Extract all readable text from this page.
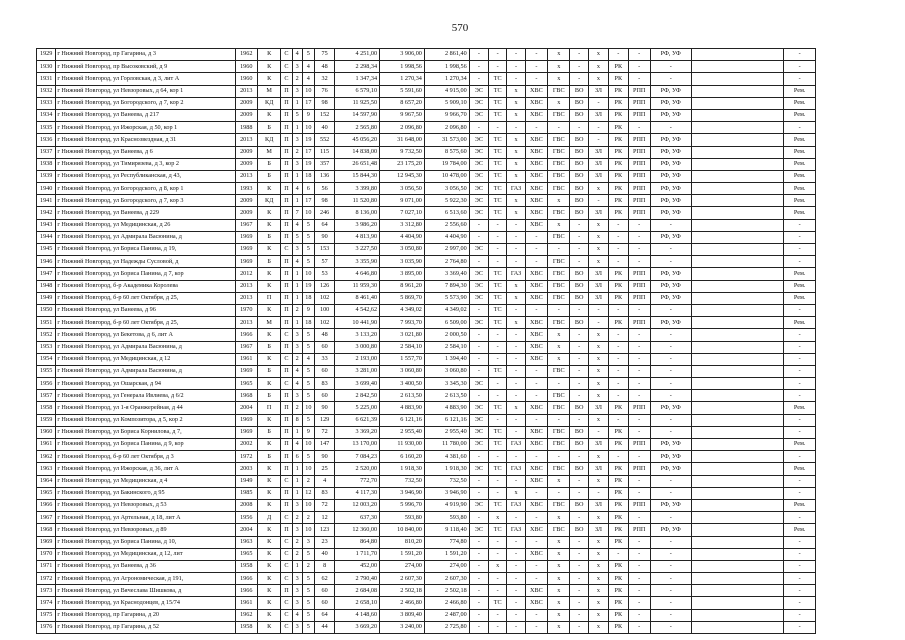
570
1929	г Нижний Новгород, пр Гагарина, д 3	1962	К	С	4	5	75	4 251,00	3 906,00	2 861,40	-	-	-	-	х	-	х	-	-	РФ, УФ		-
1930	г Нижний Новгород, пр Высоковский, д 9	1960	К	С	3	4	48	2 298,34	1 998,56	1 998,56	-	-	-	-	х	-	х	РК	-	-		-
1931	г Нижний Новгород, ул Горловская, д 3, лит А	1960	К	С	2	4	32	1 347,34	1 270,34	1 270,34	-	ТС	-	-	х	-	х	РК	-	-		-
1932	г Нижний Новгород, ул Невзоровых, д 64, кор 1	2013	М	П	3	10	76	6 579,10	5 591,60	4 915,00	ЭС	ТС	х	ХВС	ГВС	ВО	ЗЛ	РК	РПП	РФ, УФ		Рем.
1933	г Нижний Новгород, ул Богородского, д 7, кор 2	2009	КД	П	1	17	98	11 925,50	8 657,20	5 909,10	ЭС	ТС	х	ХВС	х	ВО	-	РК	РПП	РФ, УФ		Рем.
1934	г Нижний Новгород, ул Ванеева, д 217	2009	К	П	5	9	152	14 597,90	9 967,50	9 966,70	ЭС	ТС	х	ХВС	ГВС	ВО	ЗЛ	РК	РПП	РФ, УФ		Рем.
1935	г Нижний Новгород, ул Ижорская, д 50, кор 1	1988	Б	П	1	10	40	2 565,80	2 096,80	2 096,80	-	-	-	-	-	-	-	РК	-	-		-
1936	г Нижний Новгород, ул Краснозвездная, д 31	2013	КД	П	3	19	552	45 056,20	31 648,00	31 573,00	ЭС	ТС	х	ХВС	ГВС	ВО	-	РК	РПП	РФ, УФ		Рем.
1937	г Нижний Новгород, ул Ванеева, д 6	2009	М	П	2	17	115	14 838,00	9 732,50	8 575,60	ЭС	ТС	х	ХВС	ГВС	ВО	ЗЛ	РК	РПП	РФ, УФ		Рем.
1938	г Нижний Новгород, ул Тимирязева, д 3, кор 2	2009	Б	П	3	19	357	26 651,48	23 175,20	19 784,00	ЭС	ТС	х	ХВС	ГВС	ВО	ЗЛ	РК	РПП	РФ, УФ		Рем.
1939	г Нижний Новгород, ул Республиканская, д 43,	2013	Б	П	1	18	136	15 844,30	12 945,30	10 478,00	ЭС	ТС	х	ХВС	ГВС	ВО	ЗЛ	РК	РПП	РФ, УФ		Рем.
1940	г Нижний Новгород, ул Богородского, д 8, кор 1	1993	К	П	4	6	56	3 399,80	3 056,50	3 056,50	ЭС	ТС	ГАЗ	ХВС	ГВС	ВО	х	РК	РПП	РФ, УФ		Рем.
1941	г Нижний Новгород, ул Богородского, д 7, кор 3	2009	КД	П	1	17	98	11 520,80	9 071,00	5 922,30	ЭС	ТС	х	ХВС	х	ВО	-	РК	РПП	РФ, УФ		Рем.
1942	г Нижний Новгород, ул Ванеева, д 229	2009	К	П	7	10	246	8 136,00	7 027,10	6 513,60	ЭС	ТС	х	ХВС	ГВС	ВО	ЗЛ	РК	РПП	РФ, УФ		Рем.
1943	г Нижний Новгород, ул Медицинская, д 26	1967	К	П	4	5	64	3 986,20	3 312,80	2 556,60	-	-	-	ХВС	х	-	х	-	-	-		-
1944	г Нижний Новгород, ул Адмирала Васюнина, д	1969	Б	П	5	5	90	4 813,90	4 404,90	4 404,90	-	-	-	-	ГВС	-	х	-	-	РФ, УФ		-
1945	г Нижний Новгород, ул Бориса Панина, д 19,	1969	К	С	3	5	153	3 227,50	3 050,80	2 997,00	ЭС	-	-	-	-	-	х	-	-	-		-
1946	г Нижний Новгород, ул Надежды Сусловой, д	1969	Б	П	4	5	57	3 355,90	3 035,90	2 764,80	-	-	-	-	ГВС	-	х	-	-	-		-
1947	г Нижний Новгород, ул Бориса Панина, д 7, кор	2012	К	П	1	10	53	4 646,80	3 895,00	3 369,40	ЭС	ТС	ГАЗ	ХВС	ГВС	ВО	ЗЛ	РК	РПП	РФ, УФ		Рем.
1948	г Нижний Новгород, б-р Академика Королева	2013	К	П	1	19	126	11 959,30	8 961,20	7 894,30	ЭС	ТС	х	ХВС	ГВС	ВО	ЗЛ	РК	РПП	РФ, УФ		Рем.
1949	г Нижний Новгород, б-р 60 лет Октября, д 25,	2013	П	П	1	18	102	8 461,40	5 869,70	5 573,90	ЭС	ТС	х	ХВС	ГВС	ВО	ЗЛ	РК	РПП	РФ, УФ		Рем.
1950	г Нижний Новгород, ул Ванеева, д 96	1970	К	П	2	9	100	4 542,62	4 349,02	4 349,02	-	ТС	-	-	-	-	-	-	-	-		-
1951	г Нижний Новгород, б-р 60 лет Октября, д 25,	2013	М	П	1	18	102	10 441,90	7 993,70	6 509,00	ЭС	ТС	х	ХВС	ГВС	ВО	-	РК	РПП	РФ, УФ		Рем.
1952	г Нижний Новгород, ул Бекетова, д 6, лит А	1966	К	С	3	5	48	3 133,20	3 021,80	2 000,50	-	-	-	ХВС	х	-	х	-	-	-		-
1953	г Нижний Новгород, ул Адмирала Васюнина, д	1967	Б	П	3	5	60	3 000,80	2 584,10	2 584,10	-	-	-	ХВС	х	-	х	-	-	-		-
1954	г Нижний Новгород, ул Медицинская, д 12	1961	К	С	2	4	33	2 193,00	1 557,70	1 394,40	-	-	-	ХВС	х	-	х	-	-	-		-
1955	г Нижний Новгород, ул Адмирала Васюнина, д	1969	Б	П	4	5	60	3 281,00	3 060,80	3 060,80	-	ТС	-	-	ГВС	-	х	-	-	-		-
1956	г Нижний Новгород, ул Ошарская, д 94	1965	К	С	4	5	83	3 699,40	3 400,50	3 345,30	ЭС	-	-	-	-	-	х	-	-	-		-
1957	г Нижний Новгород, ул Генерала Ивлиева, д 6/2	1968	Б	П	3	5	60	2 842,50	2 613,50	2 613,50	-	-	-	-	ГВС	-	х	-	-	-		-
1958	г Нижний Новгород, ул 1-я Оранжерейная, д 44	2004	П	П	2	10	90	5 225,00	4 883,90	4 883,90	ЭС	ТС	х	ХВС	ГВС	ВО	ЗЛ	РК	РПП	РФ, УФ		Рем.
1959	г Нижний Новгород, ул Композитора, д 5, кор 2	1969	К	П	8	5	129	6 621,39	6 121,16	6 121,16	ЭС	-	-	-	-	-	х	-	-	-		-
1960	г Нижний Новгород, ул Бориса Корнилова, д 7,	1969	Б	П	1	9	72	3 369,20	2 955,40	2 955,40	ЭС	ТС	-	ХВС	ГВС	ВО	-	РК	-	-		-
1961	г Нижний Новгород, ул Бориса Панина, д 9, кор	2002	К	П	4	10	147	13 170,00	11 930,00	11 780,00	ЭС	ТС	ГАЗ	ХВС	ГВС	ВО	ЗЛ	РК	РПП	РФ, УФ		Рем.
1962	г Нижний Новгород, б-р 60 лет Октября, д 3	1972	Б	П	6	5	90	7 084,23	6 160,20	4 381,60	-	-	-	-	-	-	х	-	-	РФ, УФ		-
1963	г Нижний Новгород, ул Ижорская, д 36, лит А	2003	К	П	1	10	25	2 520,00	1 918,30	1 918,30	ЭС	ТС	ГАЗ	ХВС	ГВС	ВО	ЗЛ	РК	РПП	РФ, УФ		Рем.
1964	г Нижний Новгород, ул Медицинская, д 4	1949	К	С	1	2	4	772,70	732,50	732,50	-	-	-	ХВС	х	-	х	РК	-	-		-
1965	г Нижний Новгород, ул Бакинского, д 95	1985	К	П	1	12	83	4 117,30	3 946,90	3 946,90	-	-	х	-	-	-	-	РК	-	-		-
1966	г Нижний Новгород, ул Невзоровых, д 53	2008	К	П	3	10	72	12 003,20	5 996,70	4 919,90	ЭС	ТС	ГАЗ	ХВС	ГВС	ВО	ЗЛ	РК	РПП	РФ, УФ		Рем.
1967	г Нижний Новгород, ул Артельная, д 18, лит А	1956	Д	С	2	2	12	637,30	593,80	593,80	-	х	-	-	х	-	х	РК	-	-		-
1968	г Нижний Новгород, ул Невзоровых, д 89	2004	К	П	3	10	123	12 360,00	10 840,00	9 118,40	ЭС	ТС	ГАЗ	ХВС	ГВС	ВО	ЗЛ	РК	РПП	РФ, УФ		Рем.
1969	г Нижний Новгород, ул Бориса Панина, д 10,	1963	К	С	2	3	23	864,80	810,20	774,80	-	-	-	-	х	-	х	РК	-	-		-
1970	г Нижний Новгород, ул Медицинская, д 12, лит	1965	К	С	2	5	40	1 711,70	1 591,20	1 591,20	-	-	-	ХВС	х	-	х	-	-	-		-
1971	г Нижний Новгород, ул Ванеева, д 36	1958	К	С	1	2	8	452,00	274,00	274,00	-	х	-	-	х	-	х	РК	-	-		-
1972	г Нижний Новгород, ул Агрономическая, д 191,	1966	К	С	3	5	62	2 790,40	2 607,30	2 607,30	-	-	-	-	х	-	х	РК	-	-		-
1973	г Нижний Новгород, ул Вячеслава Шишкова, д	1966	К	П	3	5	60	2 684,08	2 502,18	2 502,18	-	-	-	ХВС	х	-	х	РК	-	-		-
1974	г Нижний Новгород, ул Краснодонцев, д 15/74	1961	К	С	3	5	60	2 658,10	2 466,80	2 466,80	-	ТС	-	ХВС	х	-	х	РК	-	-		-
1975	г Нижний Новгород, пр Гагарина, д 20	1962	К	С	4	5	64	4 148,60	3 809,40	2 487,00	-	-	-	-	х	-	х	РК	-	-		-
1976	г Нижний Новгород, пр Гагарина, д 52	1958	К	С	3	5	44	3 669,20	3 240,00	2 725,80	-	-	-	-	х	-	х	РК	-	-		-
